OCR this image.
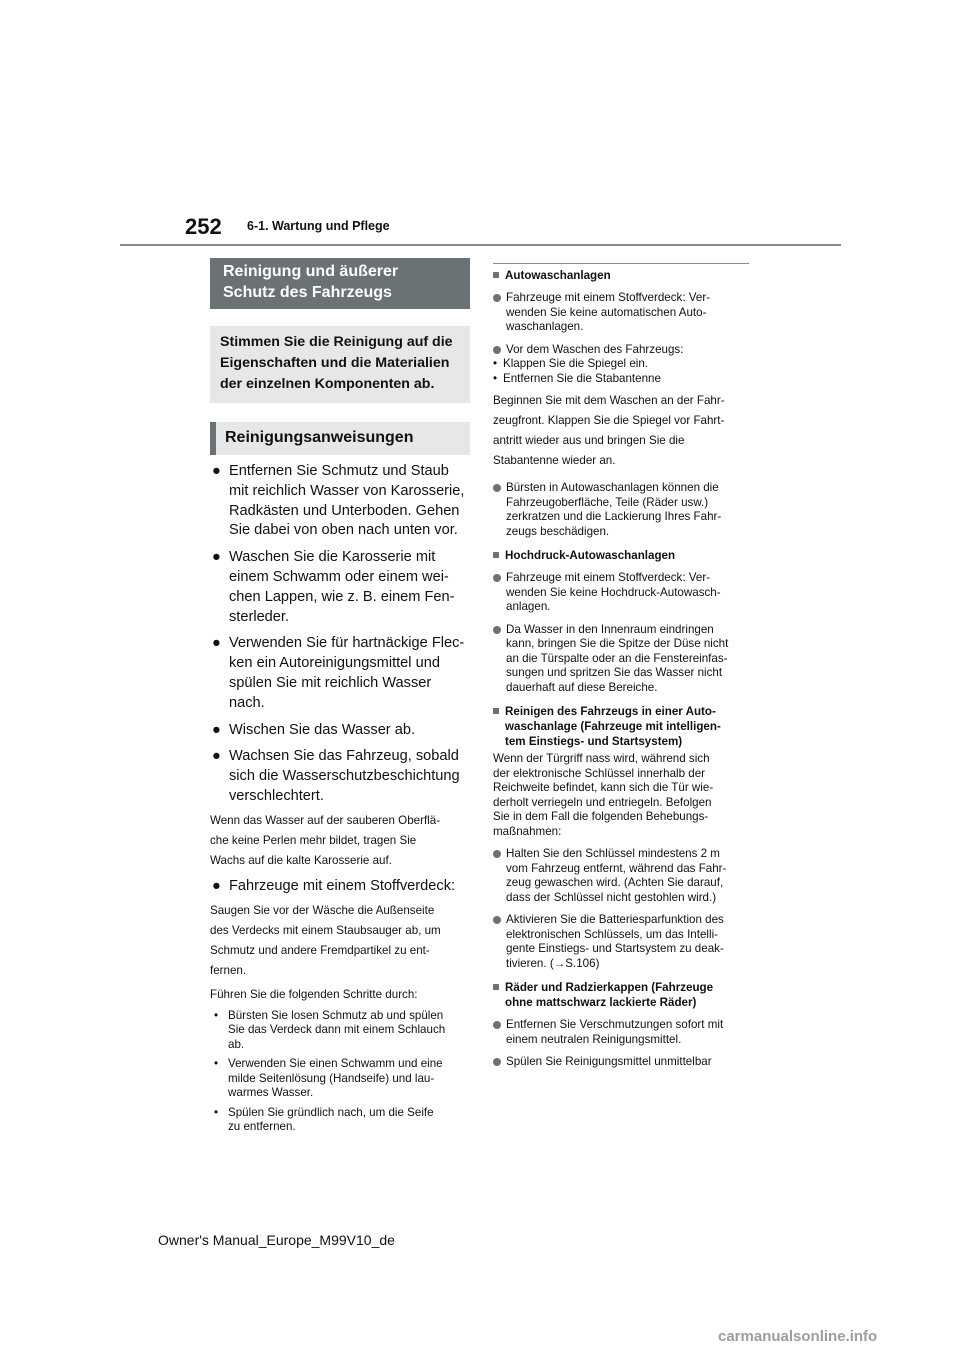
252 6-1. Wartung und Pflege
Reinigung und äußerer
Schutz des Fahrzeugs
Stimmen Sie die Reinigung auf die
Eigenschaften und die Materialien
der einzelnen Komponenten ab.
Reinigungsanweisungen
● Entfernen Sie Schmutz und Staub mit reichlich Wasser von Karosserie, Radkästen und Unterboden. Gehen Sie dabei von oben nach unten vor.
● Waschen Sie die Karosserie mit einem Schwamm oder einem wei-chen Lappen, wie z. B. einem Fen-sterleder.
● Verwenden Sie für hartnäckige Flec-ken ein Autoreinigungsmittel und spülen Sie mit reichlich Wasser nach.
● Wischen Sie das Wasser ab.
● Wachsen Sie das Fahrzeug, sobald sich die Wasserschutzbeschichtung verschlechtert.
Wenn das Wasser auf der sauberen Oberflä-
che keine Perlen mehr bildet, tragen Sie
Wachs auf die kalte Karosserie auf.
● Fahrzeuge mit einem Stoffverdeck:
Saugen Sie vor der Wäsche die Außenseite
des Verdecks mit einem Staubsauger ab, um
Schmutz und andere Fremdpartikel zu ent-
fernen.
Führen Sie die folgenden Schritte durch:
• Bürsten Sie losen Schmutz ab und spülen
Sie das Verdeck dann mit einem Schlauch
ab.
• Verwenden Sie einen Schwamm und eine
milde Seitenlösung (Handseife) und lau-
warmes Wasser.
• Spülen Sie gründlich nach, um die Seife
zu entfernen.
Autowaschanlagen
Fahrzeuge mit einem Stoffverdeck: Ver-
wenden Sie keine automatischen Auto-
waschanlagen.
Vor dem Waschen des Fahrzeugs:
• Klappen Sie die Spiegel ein.
• Entfernen Sie die Stabantenne
Beginnen Sie mit dem Waschen an der Fahr-
zeugfront. Klappen Sie die Spiegel vor Fahrt-
antritt wieder aus und bringen Sie die
Stabantenne wieder an.
Bürsten in Autowaschanlagen können die
Fahrzeugoberfläche, Teile (Räder usw.)
zerkratzen und die Lackierung Ihres Fahr-
zeugs beschädigen.
Hochdruck-Autowaschanlagen
Fahrzeuge mit einem Stoffverdeck: Ver-
wenden Sie keine Hochdruck-Autowasch-
anlagen.
Da Wasser in den Innenraum eindringen
kann, bringen Sie die Spitze der Düse nicht
an die Türspalte oder an die Fenstereinfas-
sungen und spritzen Sie das Wasser nicht
dauerhaft auf diese Bereiche.
Reinigen des Fahrzeugs in einer Auto-
waschanlage (Fahrzeuge mit intelligen-
tem Einstiegs- und Startsystem)
Wenn der Türgriff nass wird, während sich
der elektronische Schlüssel innerhalb der
Reichweite befindet, kann sich die Tür wie-
derholt verriegeln und entriegeln. Befolgen
Sie in dem Fall die folgenden Behebungs-
maßnahmen:
Halten Sie den Schlüssel mindestens 2 m
vom Fahrzeug entfernt, während das Fahr-
zeug gewaschen wird. (Achten Sie darauf,
dass der Schlüssel nicht gestohlen wird.)
Aktivieren Sie die Batteriesparfunktion des
elektronischen Schlüssels, um das Intelli-
gente Einstiegs- und Startsystem zu deak-
tivieren. (→S.106)
Räder und Radzierkappen (Fahrzeuge
ohne mattschwarz lackierte Räder)
Entfernen Sie Verschmutzungen sofort mit
einem neutralen Reinigungsmittel.
Spülen Sie Reinigungsmittel unmittelbar
Owner's Manual_Europe_M99V10_de
carmanualsonline.info
